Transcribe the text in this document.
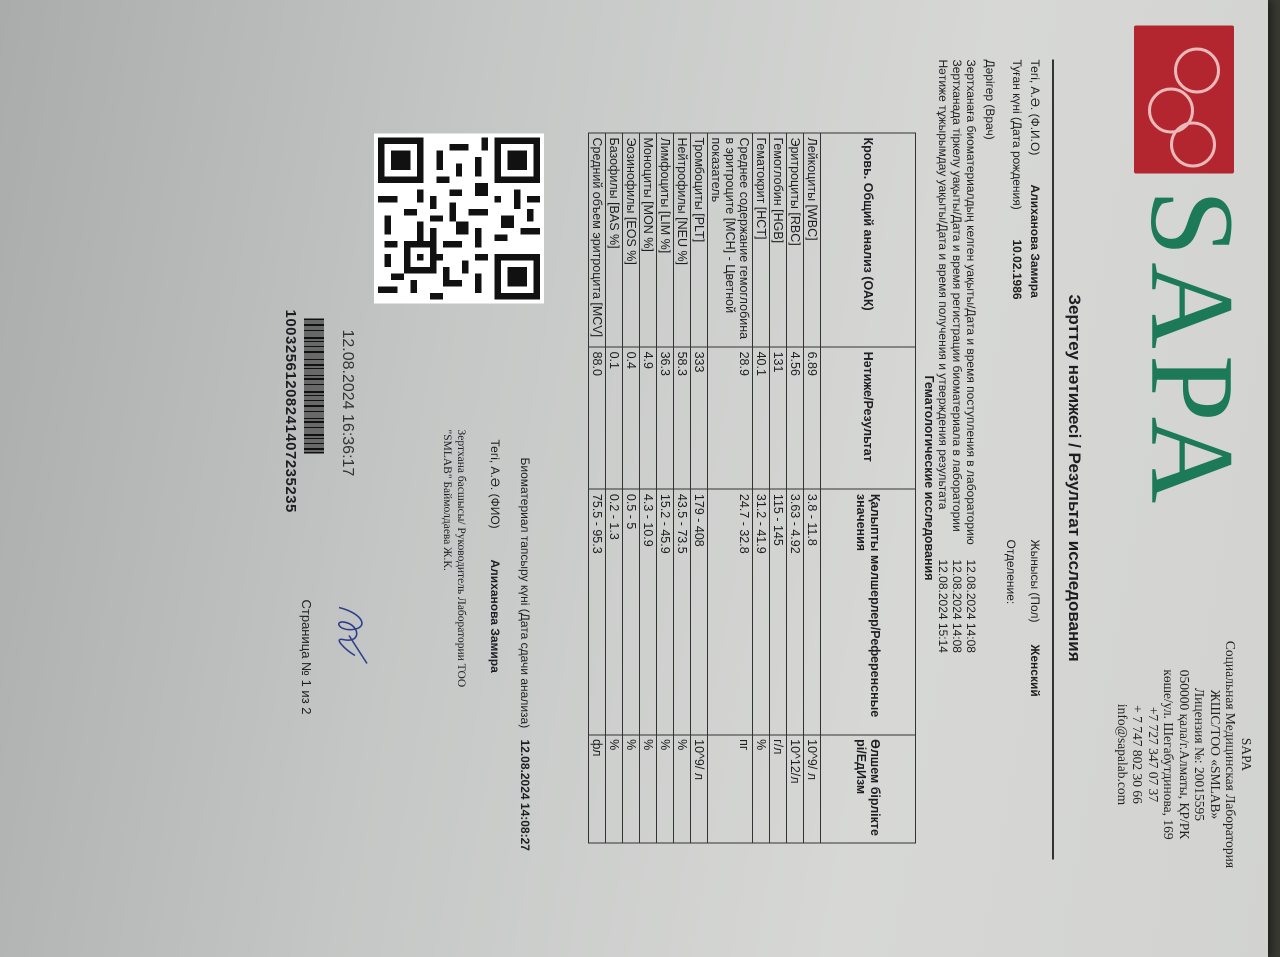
SAPA
SAPA
Социальная Медицинская Лаборатория
ЖШС/ТОО «SMLAB»
Лицензия №: 20015595
050000 қала/г.Алматы, ҚР/РК
көше/ул. Шегабутдинова, 169
+7 727 347 07 37
+ 7 747 802 30 66
info@sapalab.com
Зерттеу нәтижесі / Результат исследования
Тегі, А.Ә. (Ф.И.О)
Алиханова Замира
Жынысы (Пол)
Женский
Туған күні (Дата рождения)
10.02.1986
Отделение:
Дәрігер (Врач)
Зертханаға биоматериалдың келген уақыты/Дата и время поступления в лабораторию
12.08.2024 14:08
Зертханада тіркелу уақыты/Дата и время регистрации биоматериала в лаборатории
12.08.2024 14:08
Нәтиже тұжырымдау уақыты/Дата и время получения и утверждения результата
12.08.2024 15:14
Гематологические исследования
Кровь. Общий анализ (ОАК)	Нәтиже/Результат	Қалыпты мөлшерлер/Референсные значения	Өлшем бірлікте рі/ЕдИзм
Лейкоциты [WBC]	6.89	3.8 - 11.8	10^9/ л
Эритроциты [RBC]	4.56	3.63 - 4.92	10^12/л
Гемоглобин [HGB]	131	115 - 145	г/л
Гематокрит [HCT]	40.1	31.2 - 41.9	%
Среднее содержание гемоглобина в эритроците [MCH] - Цветной показатель	28.9	24.7 - 32.8	пг
Тромбоциты [PLT]	333	179 - 408	10^9/ л
Нейтрофилы [NEU %]	58.3	43.5 - 73.5	%
Лимфоциты [LIM %]	36.3	15.2 - 45.9	%
Моноциты [MON %]	4.9	4.3 - 10.9	%
Эозинофилы [EOS %]	0.4	0.5 - 5	%
Базофилы [BAS %]	0.1	0.2 - 1.3	%
Средний объем эритроцита [MCV]	88.0	75.5 - 95.3	фл
10032561208241407235235	12.08.2024 16:36:17
Биоматериал тапсыру күні (Дата сдачи анализа)
12.08.2024 14:08:27
Тегі, А.Ә. (ФИО)
Алиханова Замира
Зертхана басшысы/ Руководитель Лаборатории ТОО
"SMLAB" Баймолдаева Ж.К.
Страница № 1 из 2
